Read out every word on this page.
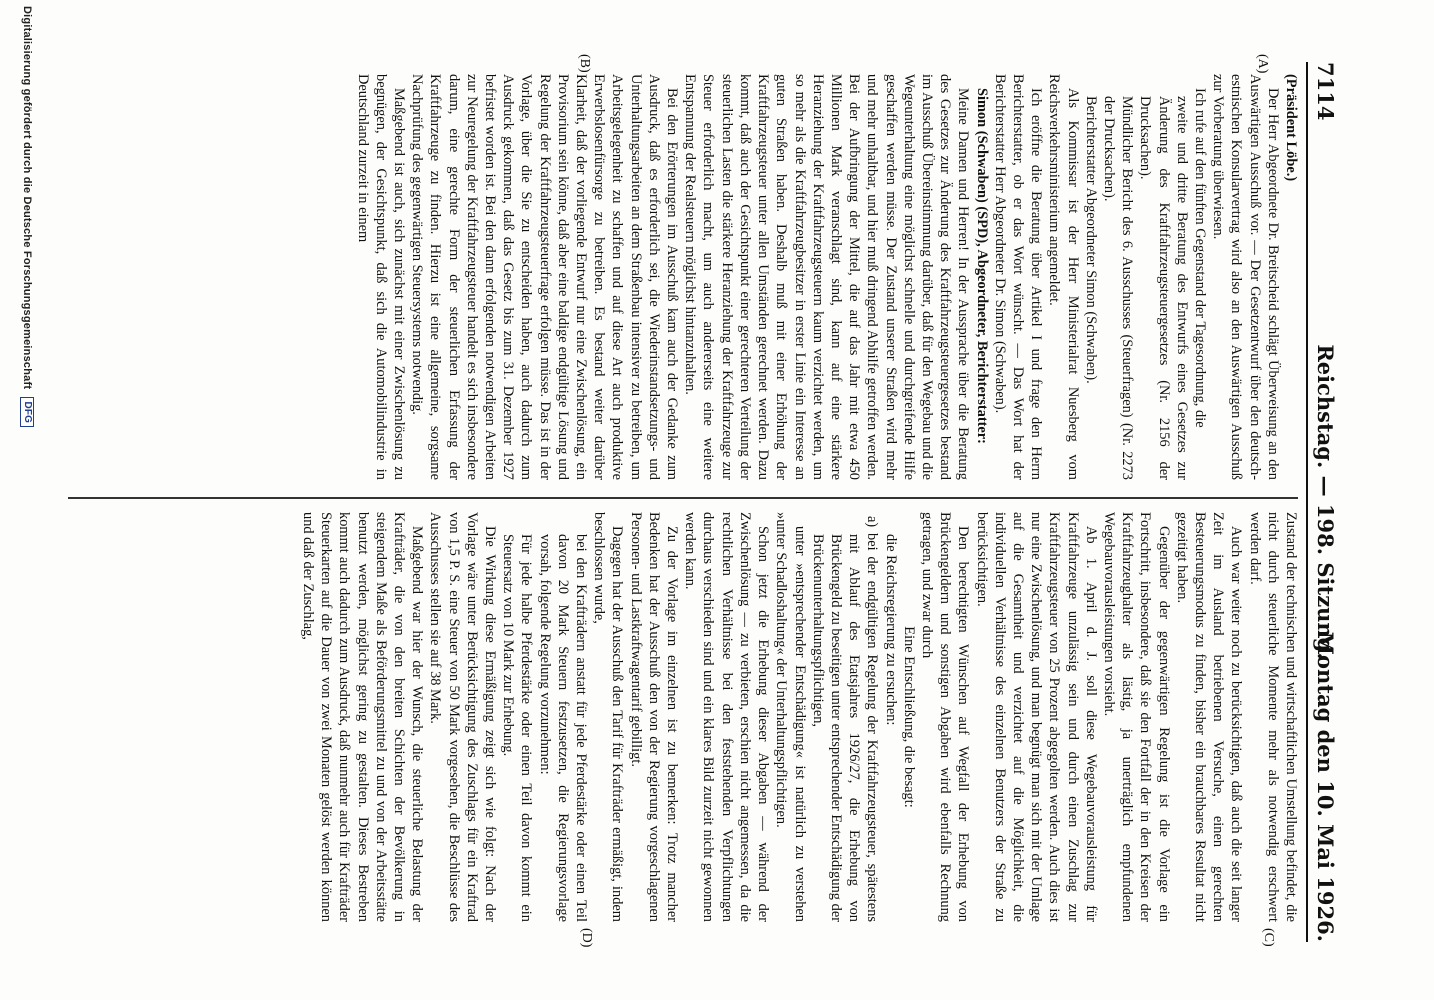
7114
Reichstag. — 198. Sitzung.
Montag den 10. Mai 1926.
(A)
(B)
(C)
(D)

(Präsident Löbe.)

Der Herr Abgeordnete Dr. Breitscheid schlägt Überweisung an den Auswärtigen Ausschuß vor. — Der Gesetzentwurf über den deutsch-estnischen Konsularvertrag wird also an den Auswärtigen Ausschuß zur Vorberatung überwiesen.

Ich rufe auf den fünften Gegenstand der Tagesordnung, die

zweite und dritte Beratung des Entwurfs eines Gesetzes zur Änderung des Kraftfahrzeugsteuergesetzes (Nr. 2156 der Drucksachen).

Mündlicher Bericht des 6. Ausschusses (Steuerfragen) (Nr. 2273 der Drucksachen).

Berichterstatter Abgeordneter Simon (Schwaben).

Als Kommissar ist der Herr Ministerialrat Nuesberg vom Reichsverkehrsministerium angemeldet.

Ich eröffne die Beratung über Artikel I und frage den Herrn Berichterstatter, ob er das Wort wünscht. — Das Wort hat der Berichterstatter Herr Abgeordneter Dr. Simon (Schwaben).

Simon (Schwaben) (SPD), Abgeordneter, Berichterstatter:

Meine Damen und Herren! In der Aussprache über die Beratung des Gesetzes zur Änderung des Kraftfahrzeugsteuergesetzes bestand im Ausschuß Übereinstimmung darüber, daß für den Wegebau und die Wegeunterhaltung eine möglichst schnelle und durchgreifende Hilfe geschaffen werden müsse. Der Zustand unserer Straßen wird mehr und mehr unhaltbar, und hier muß dringend Abhilfe getroffen werden. Bei der Aufbringung der Mittel, die auf das Jahr mit etwa 450 Millionen Mark veranschlagt sind, kann auf eine stärkere Heranziehung der Kraftfahrzeugsteuern kaum verzichtet werden, um so mehr als die Kraftfahrzeugbesitzer in erster Linie ein Interesse an guten Straßen haben. Deshalb muß mit einer Erhöhung der Kraftfahrzeugsteuer unter allen Umständen gerechnet werden. Dazu kommt, daß auch der Gesichtspunkt einer gerechteren Verteilung der steuerlichen Lasten die stärkere Heranziehung der Kraftfahrzeuge zur Steuer erforderlich macht, um auch andererseits eine weitere Entspannung der Realsteuern möglichst hintanzuhalten.

Bei den Erörterungen im Ausschuß kam auch der Gedanke zum Ausdruck, daß es erforderlich sei, die Wiederinstandsetzungs- und Unterhaltungsarbeiten an dem Straßenbau intensiver zu betreiben, um Arbeitsgelegenheit zu schaffen und auf diese Art auch produktive Erwerbslosenfürsorge zu betreiben. Es bestand weiter darüber Klarheit, daß der vorliegende Entwurf nur eine Zwischenlösung, ein Provisorium sein könne, daß aber eine baldige endgültige Lösung und Regelung der Kraftfahrzeugsteuerfrage erfolgen müsse. Das ist in der Vorlage, über die Sie zu entscheiden haben, auch dadurch zum Ausdruck gekommen, daß das Gesetz bis zum 31. Dezember 1927 befristet worden ist. Bei den dann erfolgenden notwendigen Arbeiten zur Neuregelung der Kraftfahrzeugsteuer handelt es sich insbesondere darum, eine gerechte Form der steuerlichen Erfassung der Kraftfahrzeuge zu finden. Hierzu ist eine allgemeine, sorgsame Nachprüfung des gegenwärtigen Steuersystems notwendig.

Maßgebend ist auch, sich zunächst mit einer Zwischenlösung zu begnügen, der Gesichtspunkt, daß sich die Automobilindustrie in Deutschland zurzeit in einem

Zustand der technischen und wirtschaftlichen Umstellung befindet, die nicht durch steuerliche Momente mehr als notwendig erschwert werden darf.

Auch war weiter noch zu berücksichtigen, daß auch die seit langer Zeit im Ausland betriebenen Versuche, einen gerechten Besteuerungsmodus zu finden, bisher ein brauchbares Resultat nicht gezeitigt haben.

Gegenüber der gegenwärtigen Regelung ist die Vorlage ein Fortschritt, insbesondere, daß sie den Fortfall der in den Kreisen der Kraftfahrzeughalter als lästig, ja unerträglich empfundenen Wegebauvorausleistungen vorsieht.

Ab 1. April d. J. soll diese Wegebauvorausleistung für Kraftfahrzeuge unzulässig sein und durch einen Zuschlag zur Kraftfahrzeugsteuer von 25 Prozent abgegolten werden. Auch dies ist nur eine Zwischenlösung, und man begnügt man sich mit der Umlage auf die Gesamtheit und verzichtet auf die Möglichkeit, die individuellen Verhältnisse des einzelnen Benutzers der Straße zu berücksichtigen.

Den berechtigten Wünschen auf Wegfall der Erhebung von Brückengeldern und sonstigen Abgaben wird ebenfalls Rechnung getragen, und zwar durch

Eine Entschließung, die besagt:

die Reichsregierung zu ersuchen:

a) bei der endgültigen Regelung der Kraftfahrzeugsteuer, spätestens mit Ablauf des Etatsjahres 1926/27, die Erhebung von Brückengeld zu beseitigen unter entsprechender Entschädigung der Brückenunterhaltungspflichtigen,

unter »entsprechender Entschädigung« ist natürlich zu verstehen »unter Schadloshaltung« der Unterhaltungspflichtigen.

Schon jetzt die Erhebung dieser Abgaben — während der Zwischenlösung — zu verbieten, erschien nicht angemessen, da die rechtlichen Verhältnisse bei den feststehenden Verpflichtungen durchaus verschieden sind und ein klares Bild zurzeit nicht gewonnen werden kann.

Zu der Vorlage im einzelnen ist zu bemerken: Trotz mancher Bedenken hat der Ausschuß den von der Regierung vorgeschlagenen Personen- und Lastkraftwagentarif gebilligt.

Dagegen hat der Ausschuß den Tarif für Krafträder ermäßigt, indem beschlossen wurde,

bei den Krafträdern anstatt für jede Pferdestärke oder einen Teil davon 20 Mark Steuern festzusetzen, die Regierungsvorlage vorsah, folgende Regelung vorzunehmen:

Für jede halbe Pferdestärke oder einen Teil davon kommt ein Steuersatz von 10 Mark zur Erhebung.

Die Wirkung diese Ermäßigung zeigt sich wie folgt: Nach der Vorlage wäre unter Berücksichtigung des Zuschlags für ein Kraftrad von 1,5 P. S. eine Steuer von 50 Mark vorgesehen, die Beschlüsse des Ausschusses stellen sie auf 38 Mark.

Maßgebend war hier der Wunsch, die steuerliche Belastung der Krafträder, die von den breiten Schichten der Bevölkerung in steigendem Maße als Beförderungsmittel zu und von der Arbeitsstätte benutzt werden, möglichst gering zu gestalten. Dieses Bestreben kommt auch dadurch zum Ausdruck, daß nunmehr auch für Krafträder Steuerkarten auf die Dauer von zwei Monaten gelöst werden können und daß der Zuschlag,

Digitalisierung gefördert durch die Deutsche Forschungsgemeinschaft DFG
